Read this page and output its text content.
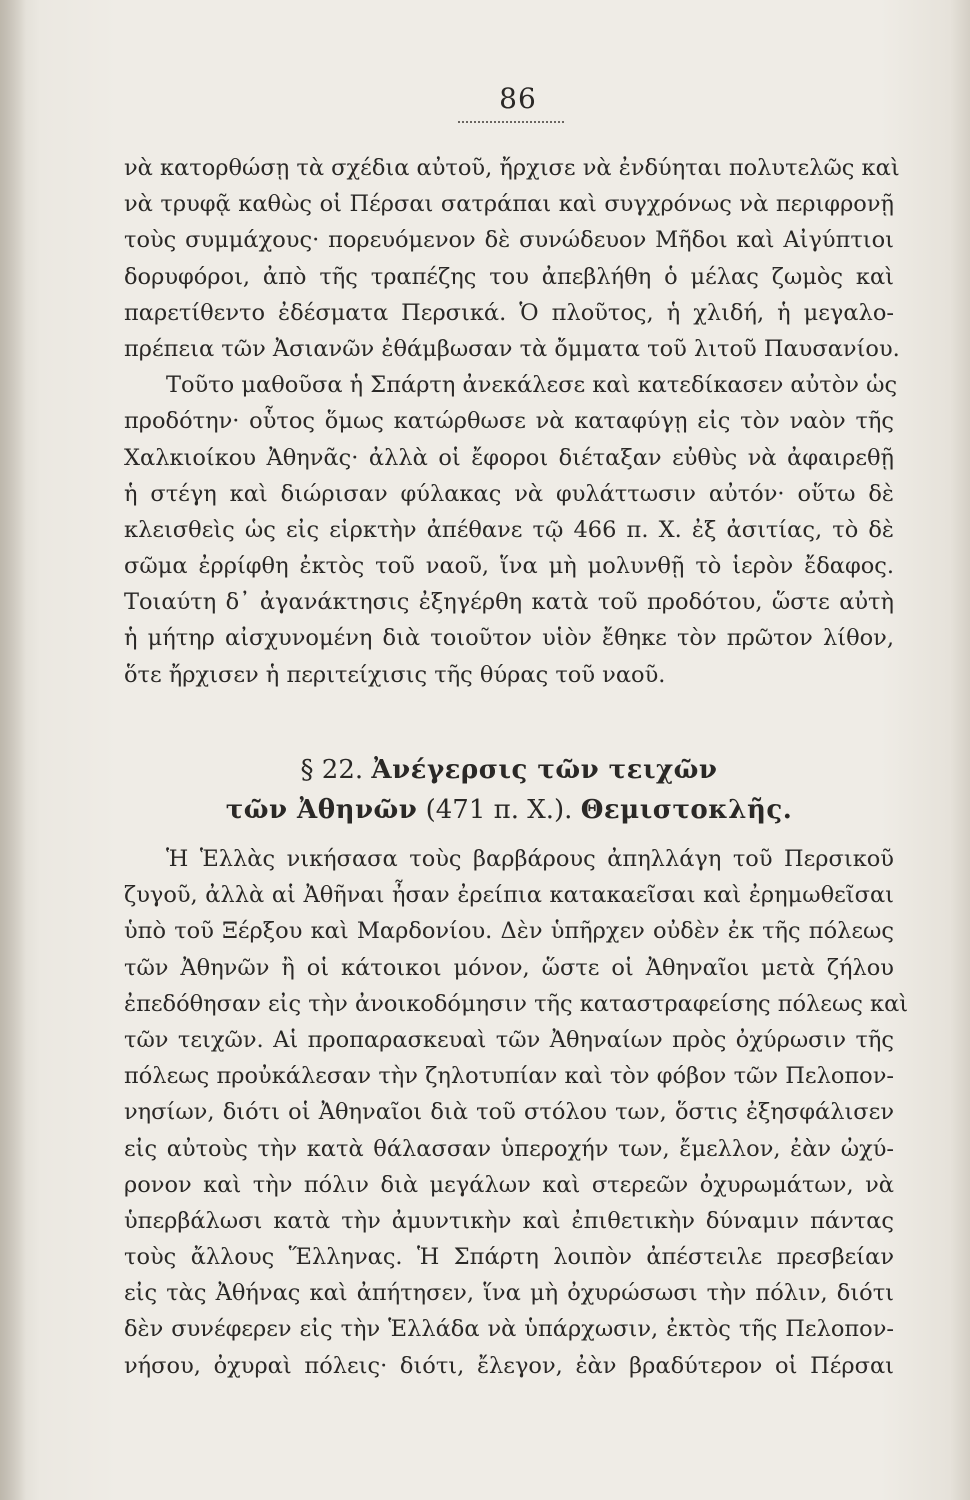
86
νὰ κατορθώσῃ τὰ σχέδια αὐτοῦ, ἤρχισε νὰ ἐνδύηται πολυτελῶς καὶ
νὰ τρυφᾷ καθὼς οἱ Πέρσαι σατράπαι καὶ συγχρόνως νὰ περιφρονῇ
τοὺς συμμάχους· πορευόμενον δὲ συνώδευον Μῆδοι καὶ Αἰγύπτιοι
δορυφόροι, ἀπὸ τῆς τραπέζης του ἀπεβλήθη ὁ μέλας ζωμὸς καὶ
παρετίθεντο ἐδέσματα Περσικά. Ὁ πλοῦτος, ἡ χλιδή, ἡ μεγαλο-
πρέπεια τῶν Ἀσιανῶν ἐθάμβωσαν τὰ ὄμματα τοῦ λιτοῦ Παυσανίου.
Τοῦτο μαθοῦσα ἡ Σπάρτη ἀνεκάλεσε καὶ κατεδίκασεν αὐτὸν ὡς
προδότην· οὗτος ὅμως κατώρθωσε νὰ καταφύγῃ εἰς τὸν ναὸν τῆς
Χαλκιοίκου Ἀθηνᾶς· ἀλλὰ οἱ ἔφοροι διέταξαν εὐθὺς νὰ ἀφαιρεθῇ
ἡ στέγη καὶ διώρισαν φύλακας νὰ φυλάττωσιν αὐτόν· οὕτω δὲ
κλεισθεὶς ὡς εἰς εἱρκτὴν ἀπέθανε τῷ 466 π. Χ. ἐξ ἀσιτίας, τὸ δὲ
σῶμα ἐρρίφθη ἐκτὸς τοῦ ναοῦ, ἵνα μὴ μολυνθῇ τὸ ἱερὸν ἔδαφος.
Τοιαύτη δ᾽ ἀγανάκτησις ἐξηγέρθη κατὰ τοῦ προδότου, ὥστε αὐτὴ
ἡ μήτηρ αἰσχυνομένη διὰ τοιοῦτον υἱὸν ἔθηκε τὸν πρῶτον λίθον,
ὅτε ἤρχισεν ἡ περιτείχισις τῆς θύρας τοῦ ναοῦ.
§ 22. Ἀνέγερσις τῶν τειχῶν
τῶν Ἀθηνῶν (471 π. Χ.). Θεμιστοκλῆς.
Ἡ Ἑλλὰς νικήσασα τοὺς βαρβάρους ἀπηλλάγη τοῦ Περσικοῦ
ζυγοῦ, ἀλλὰ αἱ Ἀθῆναι ἦσαν ἐρείπια κατακαεῖσαι καὶ ἐρημωθεῖσαι
ὑπὸ τοῦ Ξέρξου καὶ Μαρδονίου. Δὲν ὑπῆρχεν οὐδὲν ἐκ τῆς πόλεως
τῶν Ἀθηνῶν ἢ οἱ κάτοικοι μόνον, ὥστε οἱ Ἀθηναῖοι μετὰ ζήλου
ἐπεδόθησαν εἰς τὴν ἀνοικοδόμησιν τῆς καταστραφείσης πόλεως καὶ
τῶν τειχῶν. Αἱ προπαρασκευαὶ τῶν Ἀθηναίων πρὸς ὀχύρωσιν τῆς
πόλεως προὐκάλεσαν τὴν ζηλοτυπίαν καὶ τὸν φόβον τῶν Πελοπον-
νησίων, διότι οἱ Ἀθηναῖοι διὰ τοῦ στόλου των, ὅστις ἐξησφάλισεν
εἰς αὐτοὺς τὴν κατὰ θάλασσαν ὑπεροχήν των, ἔμελλον, ἐὰν ὠχύ-
ρονον καὶ τὴν πόλιν διὰ μεγάλων καὶ στερεῶν ὀχυρωμάτων, νὰ
ὑπερβάλωσι κατὰ τὴν ἀμυντικὴν καὶ ἐπιθετικὴν δύναμιν πάντας
τοὺς ἄλλους Ἕλληνας. Ἡ Σπάρτη λοιπὸν ἀπέστειλε πρεσβείαν
εἰς τὰς Ἀθήνας καὶ ἀπήτησεν, ἵνα μὴ ὀχυρώσωσι τὴν πόλιν, διότι
δὲν συνέφερεν εἰς τὴν Ἑλλάδα νὰ ὑπάρχωσιν, ἐκτὸς τῆς Πελοπον-
νήσου, ὀχυραὶ πόλεις· διότι, ἔλεγον, ἐὰν βραδύτερον οἱ Πέρσαι
